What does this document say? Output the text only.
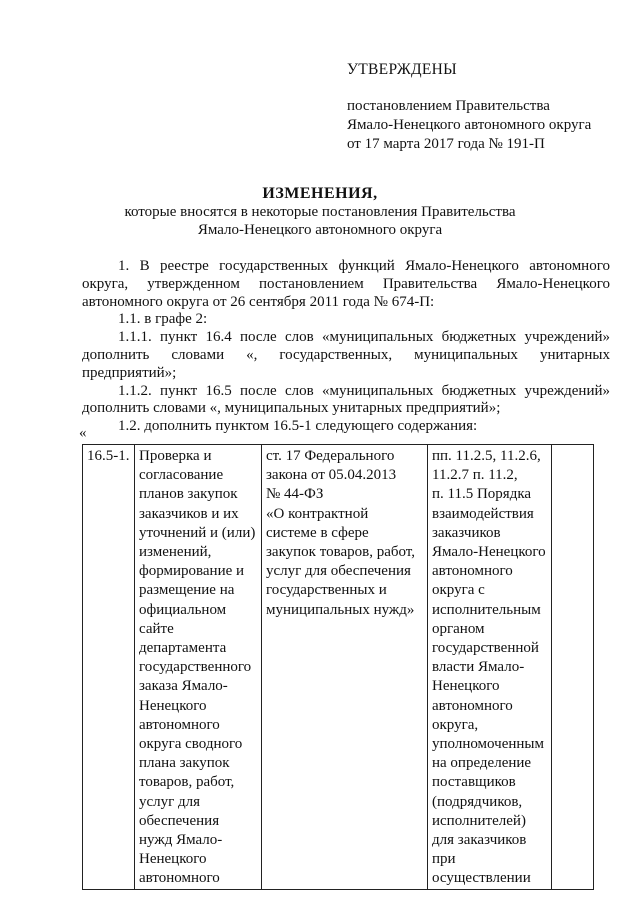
УТВЕРЖДЕНЫ
постановлением Правительства
Ямало-Ненецкого автономного округа
от 17 марта 2017 года № 191-П
ИЗМЕНЕНИЯ,
которые вносятся в некоторые постановления Правительства
Ямало-Ненецкого автономного округа

1. В реестре государственных функций Ямало-Ненецкого автономного

округа, утвержденном постановлением Правительства Ямало-Ненецкого

автономного округа от 26 сентября 2011 года № 674-П:

1.1. в графе 2:

1.1.1. пункт 16.4 после слов «муниципальных бюджетных учреждений»

дополнить словами «, государственных, муниципальных унитарных

предприятий»;

1.1.2. пункт 16.5 после слов «муниципальных бюджетных учреждений»

дополнить словами «, муниципальных унитарных предприятий»;

1.2. дополнить пунктом 16.5-1 следующего содержания:

«
16.5-1.	Проверка и
согласование
планов закупок
заказчиков и их
уточнений и (или)
изменений,
формирование и
размещение на
официальном
сайте
департамента
государственного
заказа Ямало-
Ненецкого
автономного
округа сводного
плана закупок
товаров, работ,
услуг для
обеспечения
нужд Ямало-
Ненецкого
автономного

ст. 17 Федерального
закона от 05.04.2013
№ 44-ФЗ
«О контрактной
системе в сфере
закупок товаров, работ,
услуг для обеспечения
государственных и
муниципальных нужд»

пп. 11.2.5, 11.2.6,
11.2.7 п. 11.2,
п. 11.5 Порядка
взаимодействия
заказчиков
Ямало-Ненецкого
автономного
округа с
исполнительным
органом
государственной
власти Ямало-
Ненецкого
автономного
округа,
уполномоченным
на определение
поставщиков
(подрядчиков,
исполнителей)
для заказчиков
при
осуществлении
